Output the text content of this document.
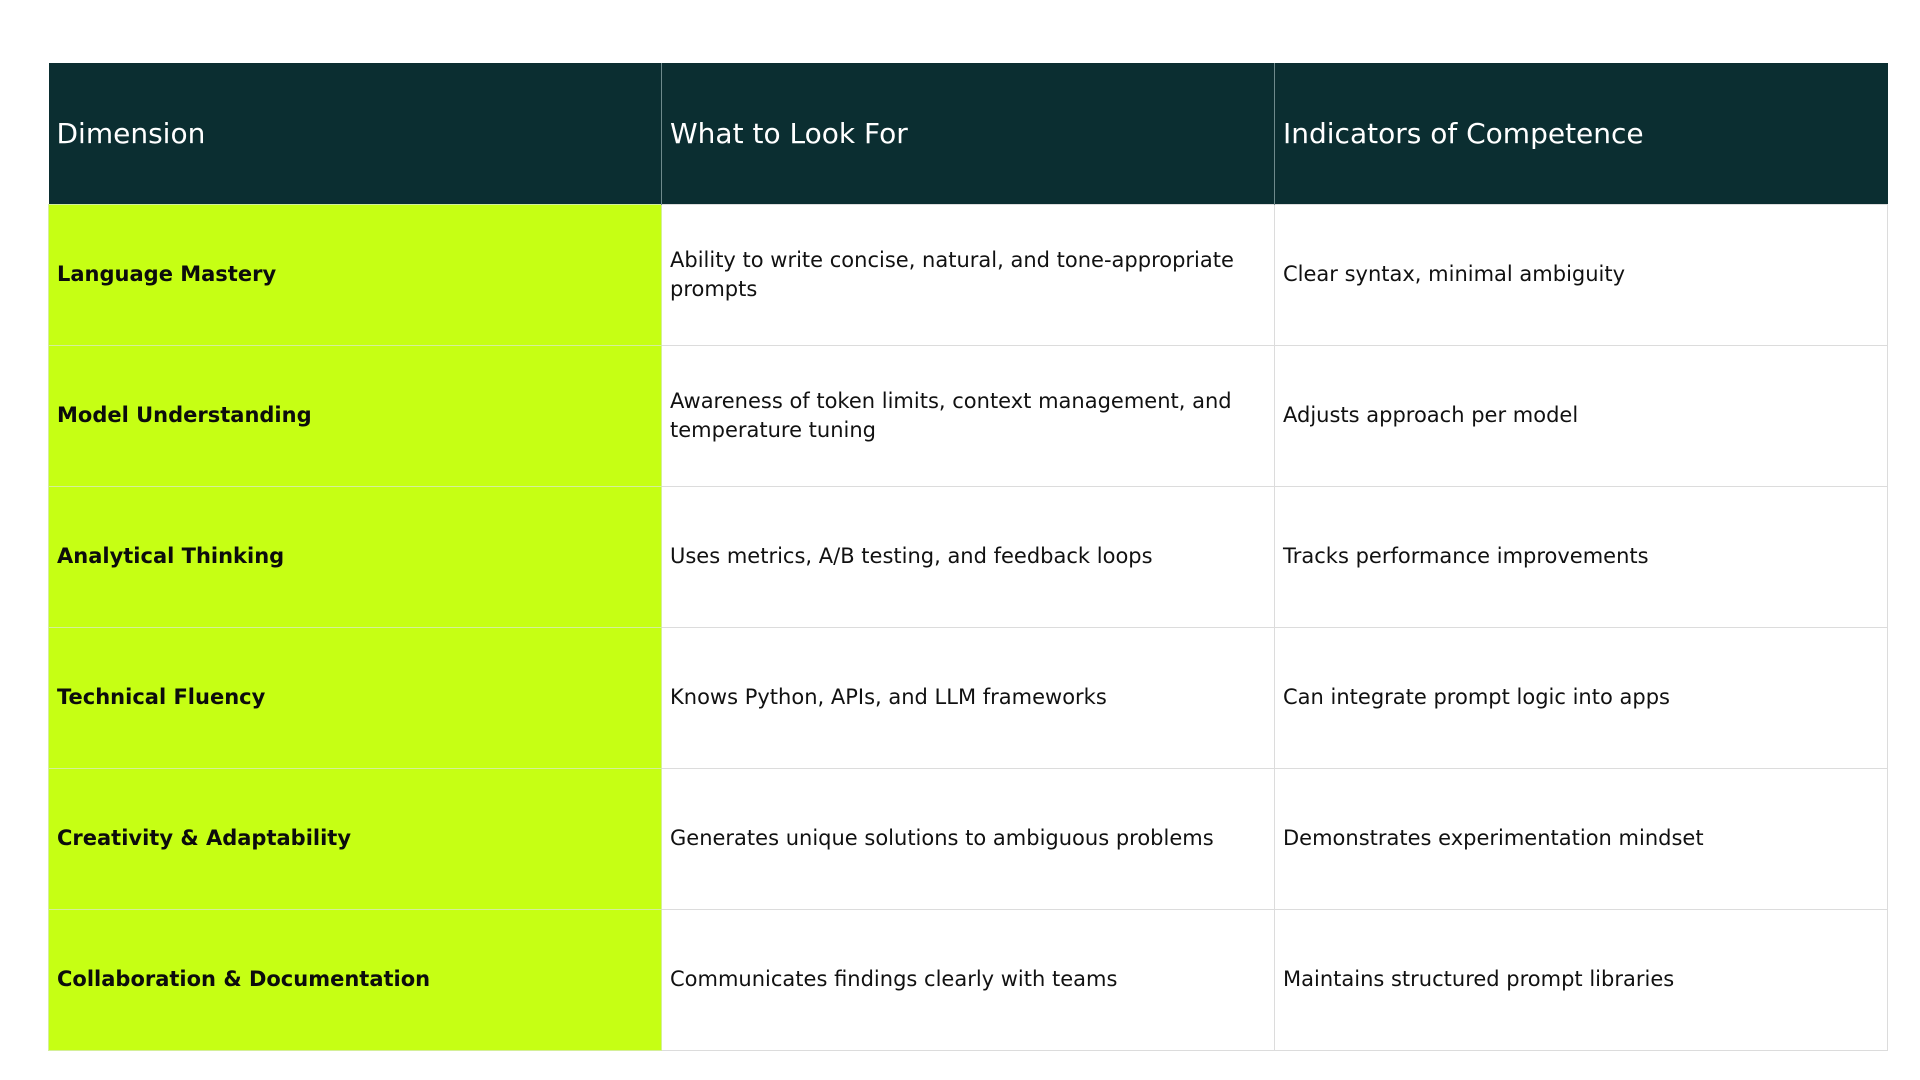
Dimension	What to Look For	Indicators of Competence
Language Mastery	Ability to write concise, natural, and tone-appropriate prompts	Clear syntax, minimal ambiguity
Model Understanding	Awareness of token limits, context management, and temperature tuning	Adjusts approach per model
Analytical Thinking	Uses metrics, A/B testing, and feedback loops	Tracks performance improvements
Technical Fluency	Knows Python, APIs, and LLM frameworks	Can integrate prompt logic into apps
Creativity & Adaptability	Generates unique solutions to ambiguous problems	Demonstrates experimentation mindset
Collaboration & Documentation	Communicates findings clearly with teams	Maintains structured prompt libraries
